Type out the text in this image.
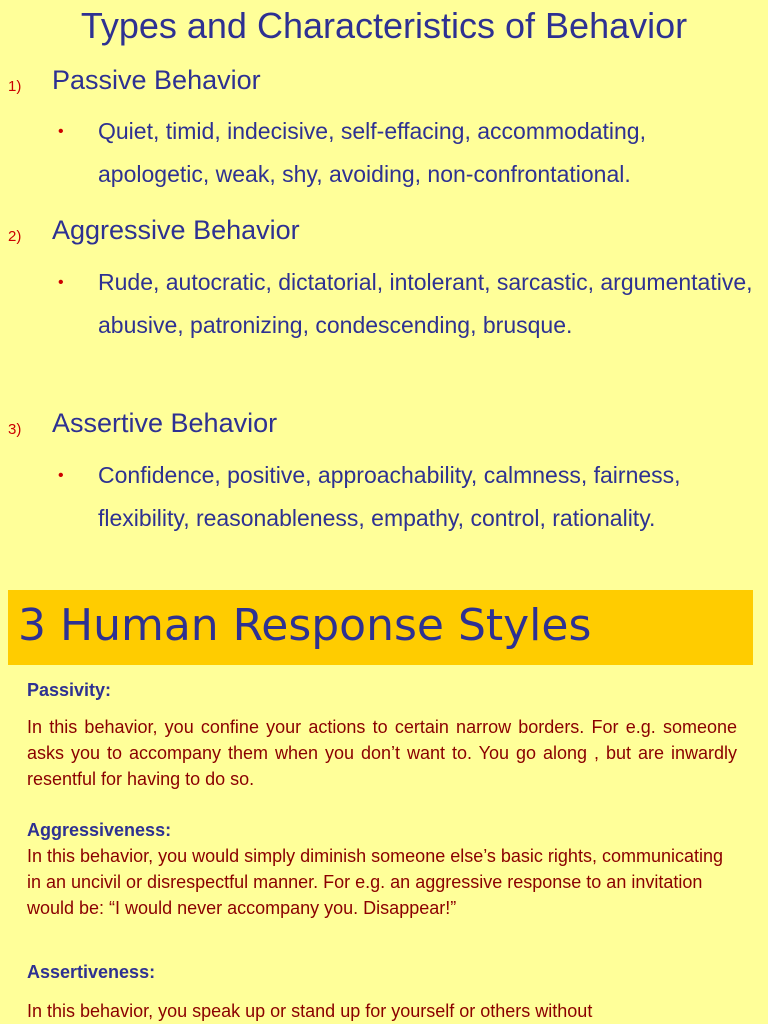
Types and Characteristics of Behavior
1) Passive Behavior
• Quiet, timid, indecisive, self-effacing, accommodating, apologetic, weak, shy, avoiding, non-confrontational.

2) Aggressive Behavior
• Rude, autocratic, dictatorial, intolerant, sarcastic, argumentative, abusive, patronizing, condescending, brusque.

3) Assertive Behavior
• Confidence, positive, approachability, calmness, fairness, flexibility, reasonableness, empathy, control, rationality.

3 Human Response Styles
Passivity:

In this behavior, you confine your actions to certain narrow borders. For e.g. someone asks you to accompany them when you don’t want to. You go along , but are inwardly resentful for having to do so.

Aggressiveness:

In this behavior, you would simply diminish someone else’s basic rights, communicating in an uncivil or disrespectful manner. For e.g. an aggressive response to an invitation would be: “I would never accompany you. Disappear!”

Assertiveness:

In this behavior, you speak up or stand up for yourself or others without
